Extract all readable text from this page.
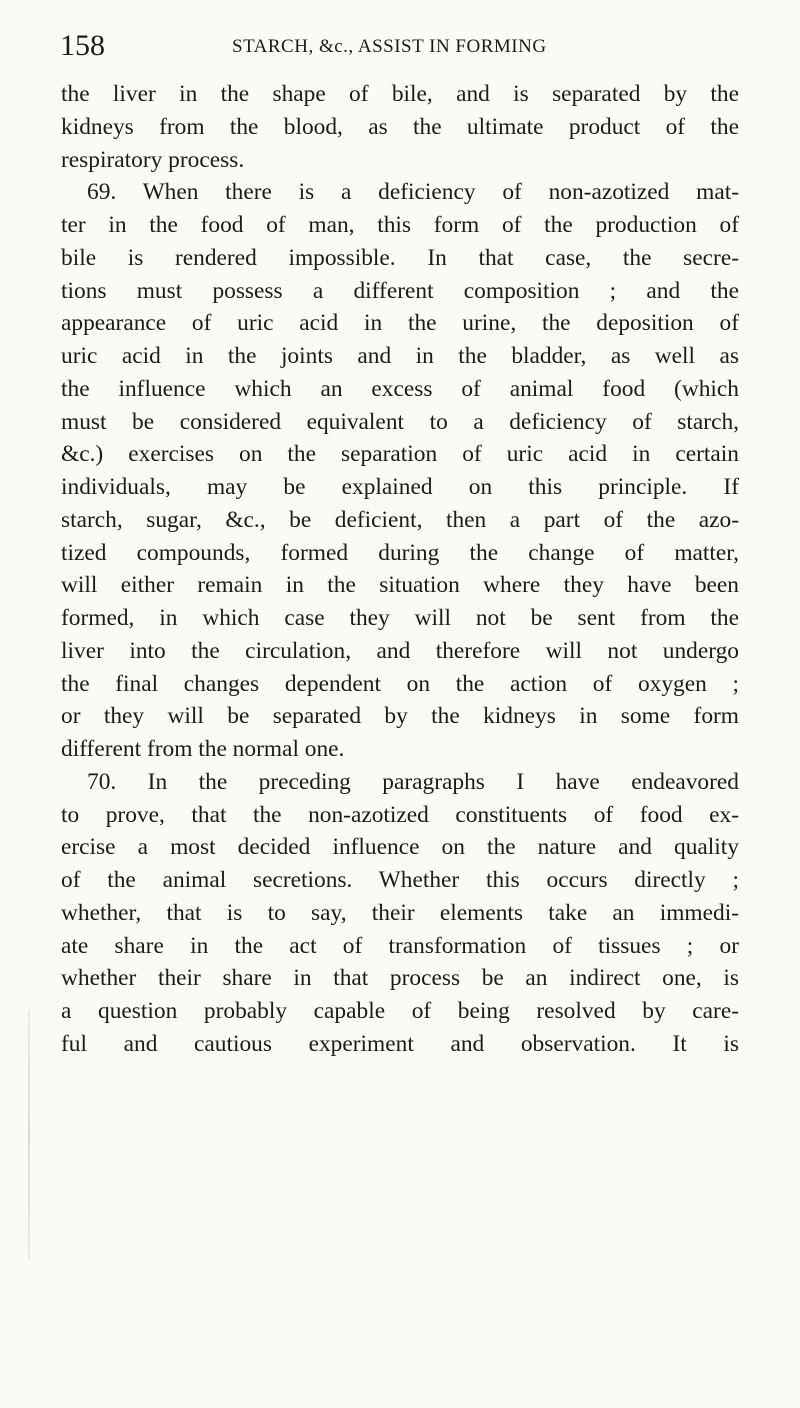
158	STARCH, &c., ASSIST IN FORMING
the liver in the shape of bile, and is separated by the
kidneys from the blood, as the ultimate product of the
respiratory process.
69. When there is a deficiency of non-azotized mat-
ter in the food of man, this form of the production of
bile is rendered impossible. In that case, the secre-
tions must possess a different composition ; and the
appearance of uric acid in the urine, the deposition of
uric acid in the joints and in the bladder, as well as
the influence which an excess of animal food (which
must be considered equivalent to a deficiency of starch,
&c.) exercises on the separation of uric acid in certain
individuals, may be explained on this principle. If
starch, sugar, &c., be deficient, then a part of the azo-
tized compounds, formed during the change of matter,
will either remain in the situation where they have been
formed, in which case they will not be sent from the
liver into the circulation, and therefore will not undergo
the final changes dependent on the action of oxygen ;
or they will be separated by the kidneys in some form
different from the normal one.
70. In the preceding paragraphs I have endeavored
to prove, that the non-azotized constituents of food ex-
ercise a most decided influence on the nature and quality
of the animal secretions. Whether this occurs directly ;
whether, that is to say, their elements take an immedi-
ate share in the act of transformation of tissues ; or
whether their share in that process be an indirect one, is
a question probably capable of being resolved by care-
ful and cautious experiment and observation. It is
